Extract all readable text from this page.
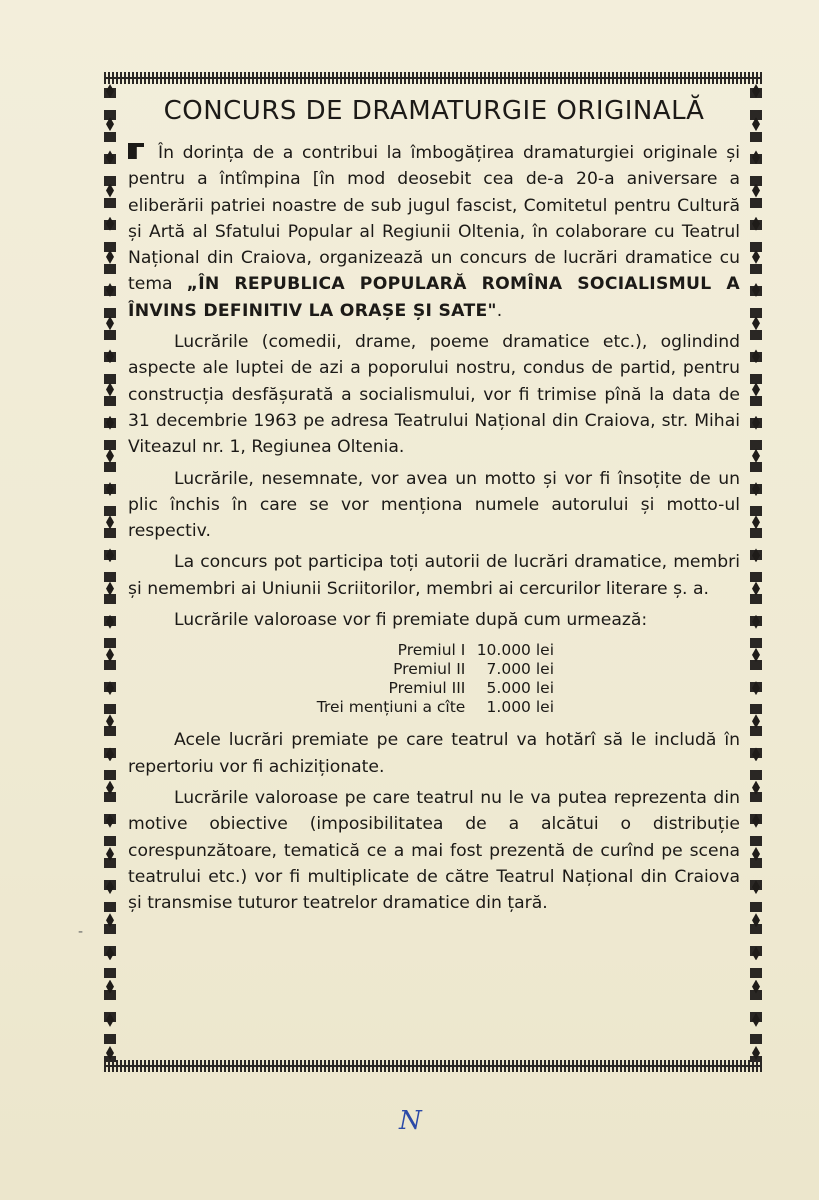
-
CONCURS DE DRAMATURGIE ORIGINALĂ

În dorința de a contribui la îmbogățirea dramaturgiei originale și pentru a întîmpina [în mod deosebit cea de-a 20-a aniversare a eliberării patriei noastre de sub jugul fascist, Comitetul pentru Cultură și Artă al Sfatului Popular al Regiunii Oltenia, în colaborare cu Teatrul Național din Craiova, organizează un concurs de lucrări dramatice cu tema „ÎN REPUBLICA POPULARĂ ROMÎNA SOCIALISMUL A ÎNVINS DEFINITIV LA ORAȘE ȘI SATE".

Lucrările (comedii, drame, poeme dramatice etc.), oglindind aspecte ale luptei de azi a poporului nostru, condus de partid, pentru construcția desfășurată a socialismului, vor fi trimise pînă la data de 31 decembrie 1963 pe adresa Teatrului Național din Craiova, str. Mihai Viteazul nr. 1, Regiunea Oltenia.

Lucrările, nesemnate, vor avea un motto și vor fi însoțite de un plic închis în care se vor menționa numele autorului și motto-ul respectiv.

La concurs pot participa toți autorii de lucrări dramatice, membri și nemembri ai Uniunii Scriitorilor, membri ai cercurilor literare ș. a.

Lucrările valoroase vor fi premiate după cum urmează:

Premiul I	10.000 lei
Premiul II	7.000 lei
Premiul III	5.000 lei
Trei mențiuni a cîte	1.000 lei

Acele lucrări premiate pe care teatrul va hotărî să le includă în repertoriu vor fi achiziționate.

Lucrările valoroase pe care teatrul nu le va putea reprezenta din motive obiective (imposibilitatea de a alcătui o distribuție corespunzătoare, tematică ce a mai fost prezentă de curînd pe scena teatrului etc.) vor fi multiplicate de către Teatrul Național din Craiova și transmise tuturor teatrelor dramatice din țară.

N
